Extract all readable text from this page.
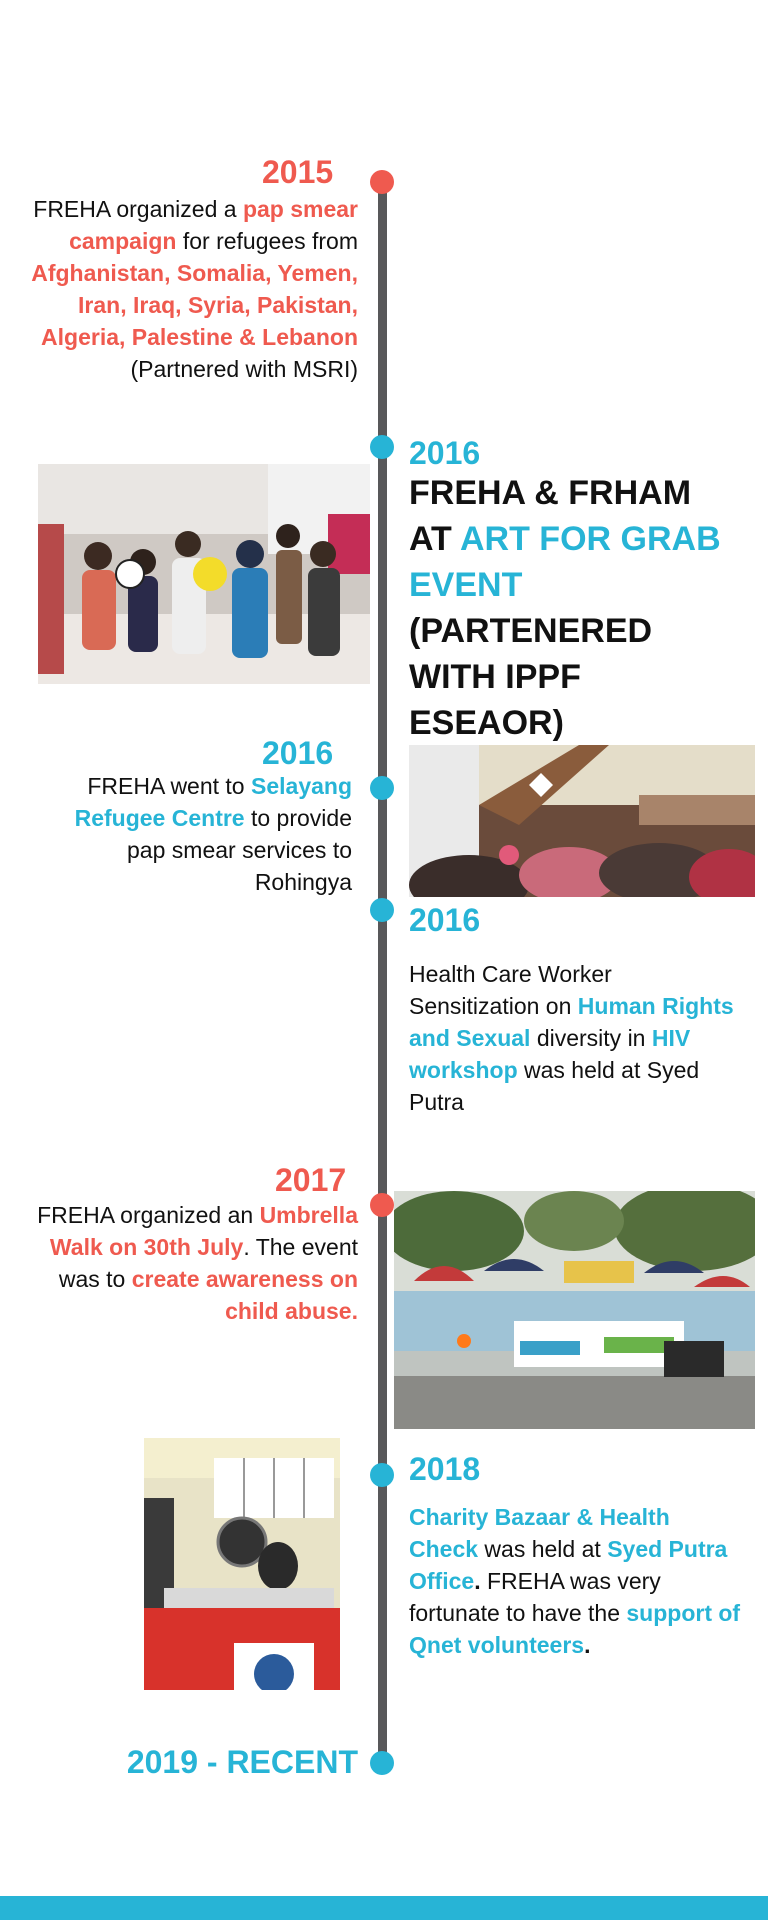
2015
FREHA organized a pap smear campaign for refugees from Afghanistan, Somalia, Yemen, Iran, Iraq, Syria, Pakistan, Algeria, Palestine & Lebanon (Partnered with MSRI)
2016
FREHA & FRHAM AT ART FOR GRAB EVENT (PARTENERED WITH IPPF ESEAOR)
2016
FREHA went to Selayang Refugee Centre to provide pap smear services to Rohingya
2016
Health Care Worker Sensitization on Human Rights and Sexual diversity in HIV workshop was held at Syed Putra
2017
FREHA organized an Umbrella Walk on 30th July. The event was to create awareness on child abuse.
2018
Charity Bazaar & Health Check was held at Syed Putra Office. FREHA was very fortunate to have the support of Qnet volunteers.
2019 - RECENT
